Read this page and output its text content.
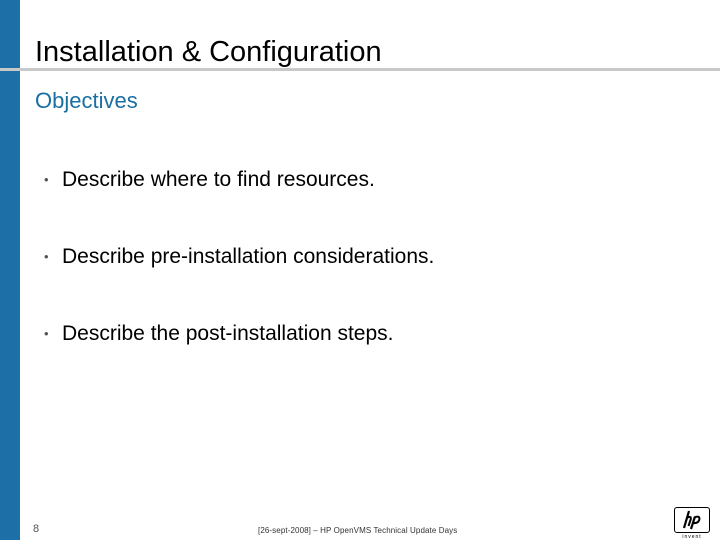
Installation & Configuration
Objectives
• Describe where to find resources.
• Describe pre-installation considerations.
• Describe the post-installation steps.
8	[26-sept-2008] – HP OpenVMS Technical Update Days
invent
